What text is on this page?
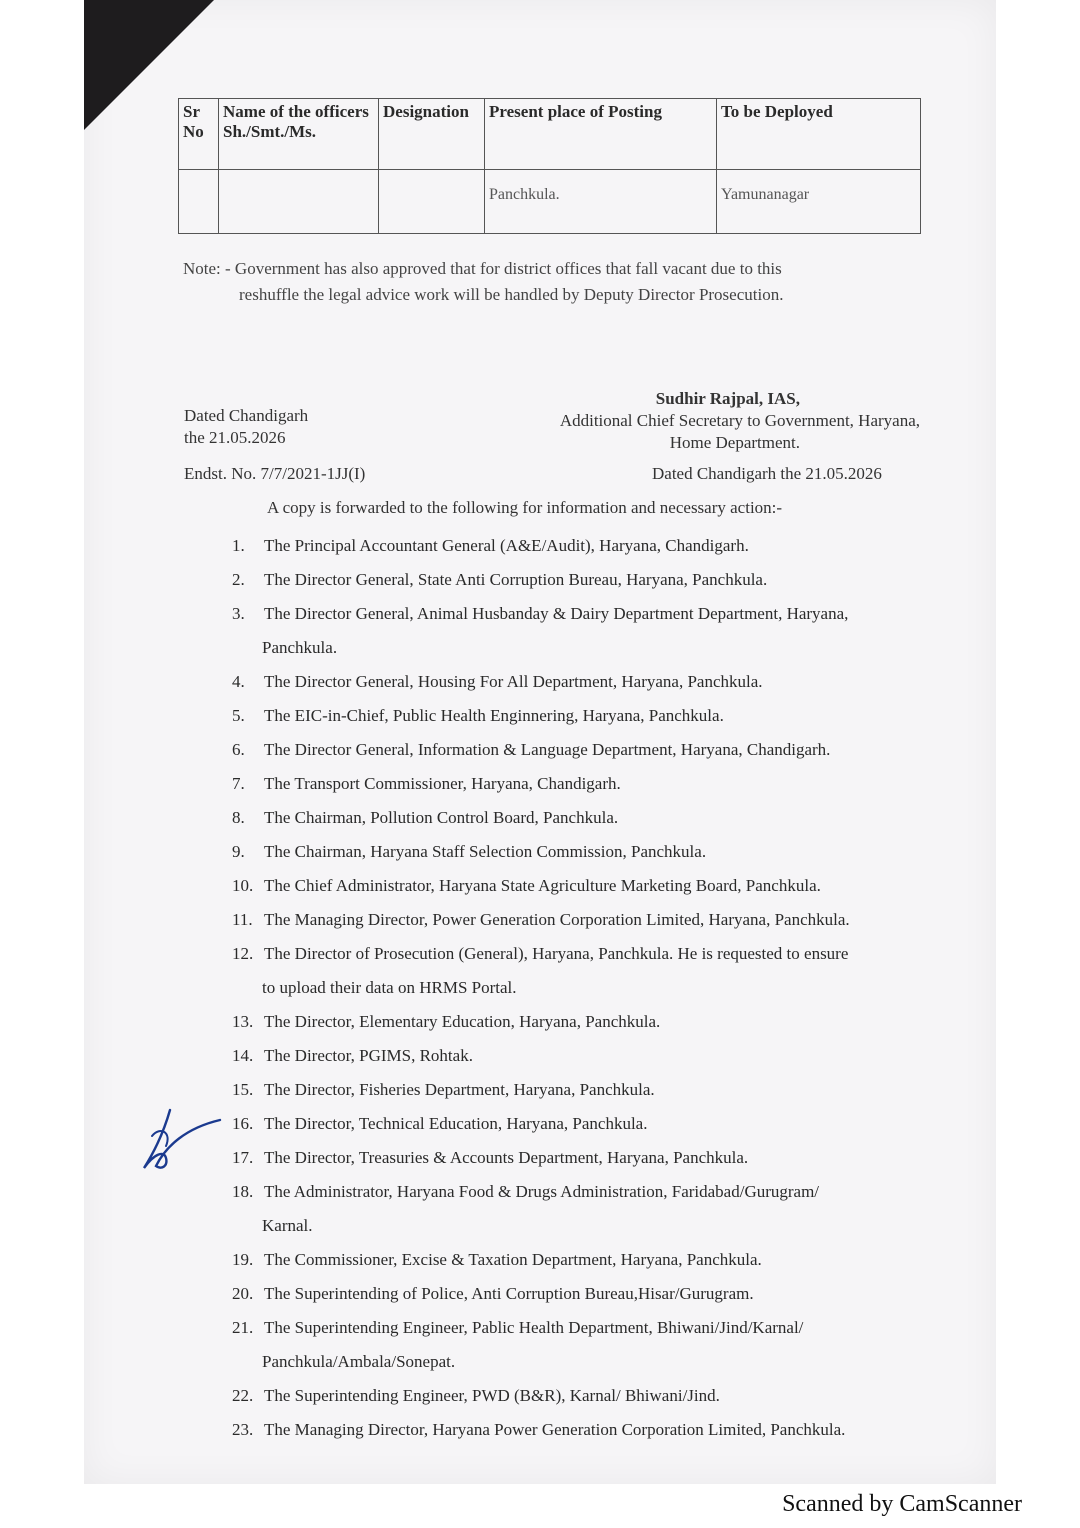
Sr No	Name of the officers Sh./Smt./Ms.	Designation	Present place of Posting	To be Deployed
			Panchkula.	Yamunanagar
Note: - Government has also approved that for district offices that fall vacant due to this
reshuffle the legal advice work will be handled by Deputy Director Prosecution.
Sudhir Rajpal, IAS,
Additional Chief Secretary to Government, Haryana,
Home Department.
Dated Chandigarh
the 21.05.2026
Endst. No. 7/7/2021-1JJ(I)	Dated Chandigarh the 21.05.2026
A copy is forwarded to the following for information and necessary action:-
1. The Principal Accountant General (A&E/Audit), Haryana, Chandigarh.
2. The Director General, State Anti Corruption Bureau, Haryana, Panchkula.
3. The Director General, Animal Husbanday & Dairy Department Department, Haryana,
Panchkula.
4. The Director General, Housing For All Department, Haryana, Panchkula.
5. The EIC-in-Chief, Public Health Enginnering, Haryana, Panchkula.
6. The Director General, Information & Language Department, Haryana, Chandigarh.
7. The Transport Commissioner, Haryana, Chandigarh.
8. The Chairman, Pollution Control Board, Panchkula.
9. The Chairman, Haryana Staff Selection Commission, Panchkula.
10. The Chief Administrator, Haryana State Agriculture Marketing Board, Panchkula.
11. The Managing Director, Power Generation Corporation Limited, Haryana, Panchkula.
12. The Director of Prosecution (General), Haryana, Panchkula. He is requested to ensure
to upload their data on HRMS Portal.
13. The Director, Elementary Education, Haryana, Panchkula.
14. The Director, PGIMS, Rohtak.
15. The Director, Fisheries Department, Haryana, Panchkula.
16. The Director, Technical Education, Haryana, Panchkula.
17. The Director, Treasuries & Accounts Department, Haryana, Panchkula.
18. The Administrator, Haryana Food & Drugs Administration, Faridabad/Gurugram/
Karnal.
19. The Commissioner, Excise & Taxation Department, Haryana, Panchkula.
20. The Superintending of Police, Anti Corruption Bureau,Hisar/Gurugram.
21. The Superintending Engineer, Pablic Health Department, Bhiwani/Jind/Karnal/
Panchkula/Ambala/Sonepat.
22. The Superintending Engineer, PWD (B&R), Karnal/ Bhiwani/Jind.
23. The Managing Director, Haryana Power Generation Corporation Limited, Panchkula.
Scanned by CamScanner
